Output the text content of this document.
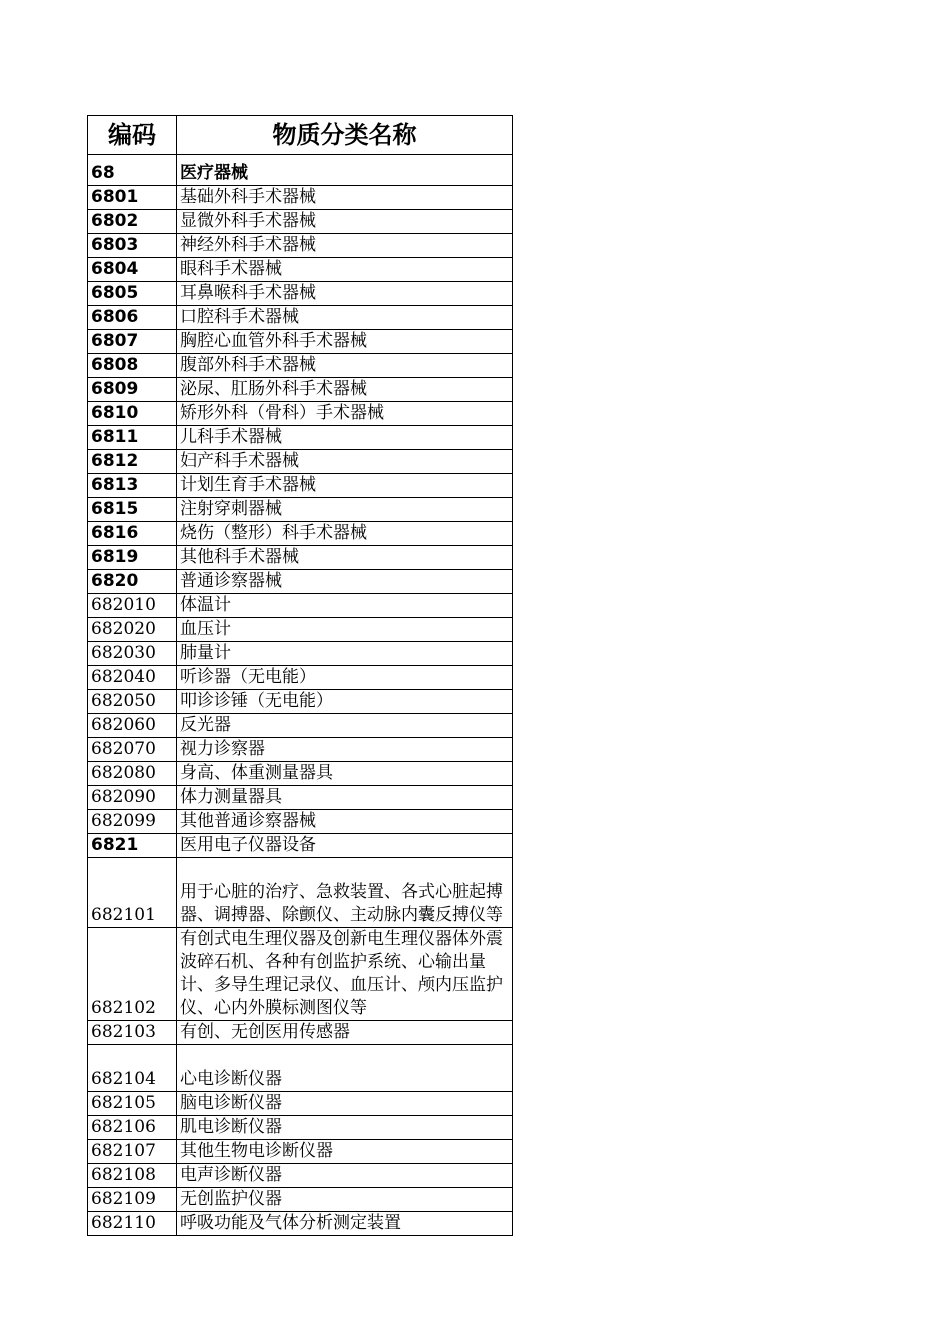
编码	物质分类名称
68	医疗器械
6801	基础外科手术器械
6802	显微外科手术器械
6803	神经外科手术器械
6804	眼科手术器械
6805	耳鼻喉科手术器械
6806	口腔科手术器械
6807	胸腔心血管外科手术器械
6808	腹部外科手术器械
6809	泌尿、肛肠外科手术器械
6810	矫形外科（骨科）手术器械
6811	儿科手术器械
6812	妇产科手术器械
6813	计划生育手术器械
6815	注射穿刺器械
6816	烧伤（整形）科手术器械
6819	其他科手术器械
6820	普通诊察器械
682010	体温计
682020	血压计
682030	肺量计
682040	听诊器（无电能）
682050	叩诊诊锤（无电能）
682060	反光器
682070	视力诊察器
682080	身高、体重测量器具
682090	体力测量器具
682099	其他普通诊察器械
6821	医用电子仪器设备
682101	用于心脏的治疗、急救装置、各式心脏起搏器、调搏器、除颤仪、主动脉内囊反搏仪等
682102	有创式电生理仪器及创新电生理仪器体外震波碎石机、各种有创监护系统、心输出量计、多导生理记录仪、血压计、颅内压监护仪、心内外膜标测图仪等
682103	有创、无创医用传感器
682104	心电诊断仪器
682105	脑电诊断仪器
682106	肌电诊断仪器
682107	其他生物电诊断仪器
682108	电声诊断仪器
682109	无创监护仪器
682110	呼吸功能及气体分析测定装置
